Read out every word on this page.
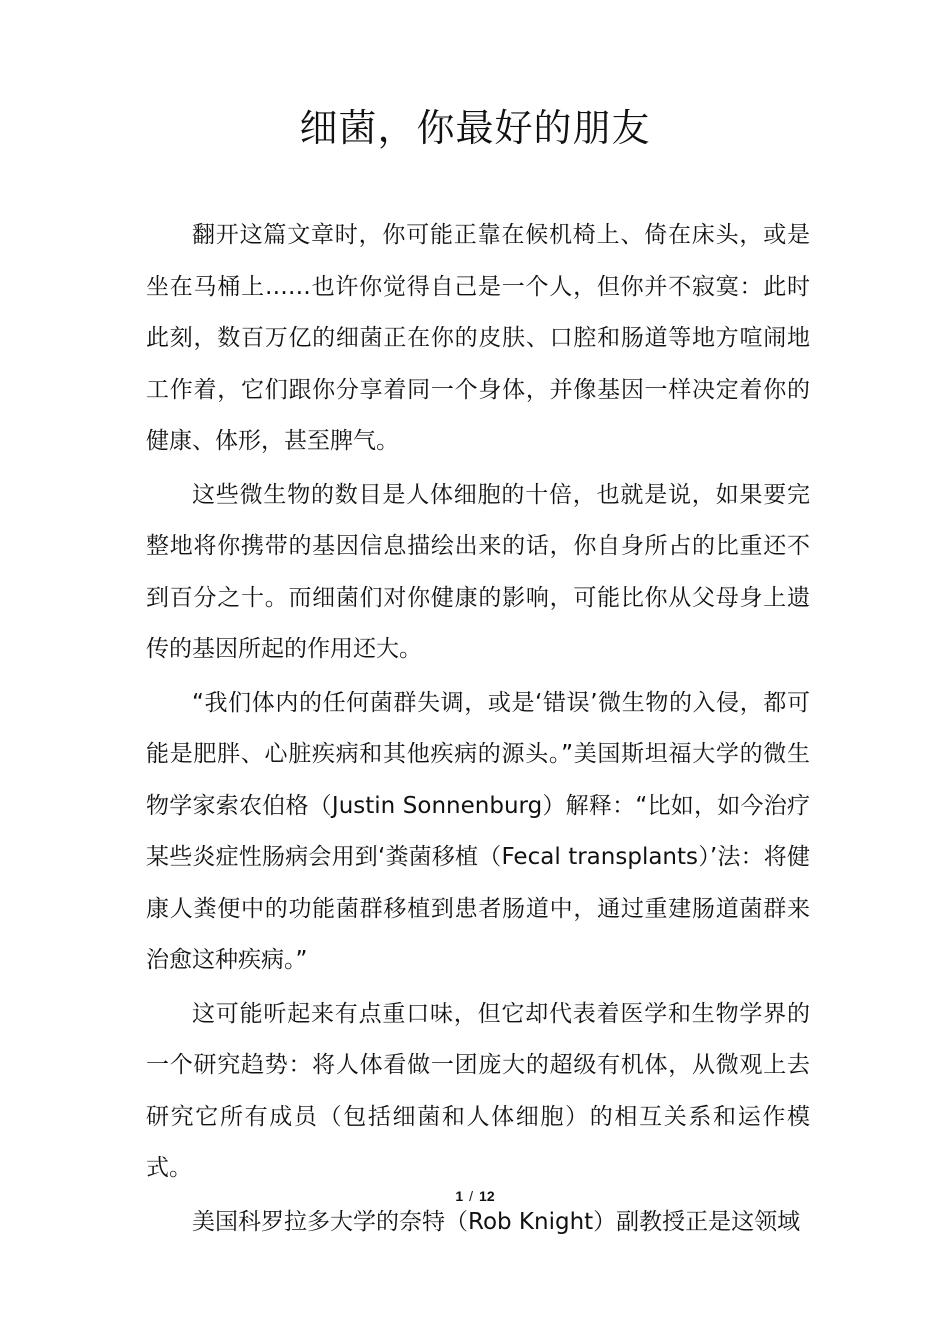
细菌，你最好的朋友

翻开这篇文章时，你可能正靠在候机椅上、倚在床头，或是坐在马桶上……也许你觉得自己是一个人，但你并不寂寞：此时此刻，数百万亿的细菌正在你的皮肤、口腔和肠道等地方喧闹地工作着，它们跟你分享着同一个身体，并像基因一样决定着你的健康、体形，甚至脾气。

这些微生物的数目是人体细胞的十倍，也就是说，如果要完整地将你携带的基因信息描绘出来的话，你自身所占的比重还不到百分之十。而细菌们对你健康的影响，可能比你从父母身上遗传的基因所起的作用还大。

“我们体内的任何菌群失调，或是‘错误’微生物的入侵，都可能是肥胖、心脏疾病和其他疾病的源头。”美国斯坦福大学的微生物学家索农伯格（Justin Sonnenburg）解释：“比如，如今治疗某些炎症性肠病会用到‘粪菌移植（Fecal transplants）’法：将健康人粪便中的功能菌群移植到患者肠道中，通过重建肠道菌群来治愈这种疾病。”

这可能听起来有点重口味，但它却代表着医学和生物学界的一个研究趋势：将人体看做一团庞大的超级有机体，从微观上去研究它所有成员（包括细菌和人体细胞）的相互关系和运作模式。

美国科罗拉多大学的奈特（Rob Knight）副教授正是这领域

1 / 12
